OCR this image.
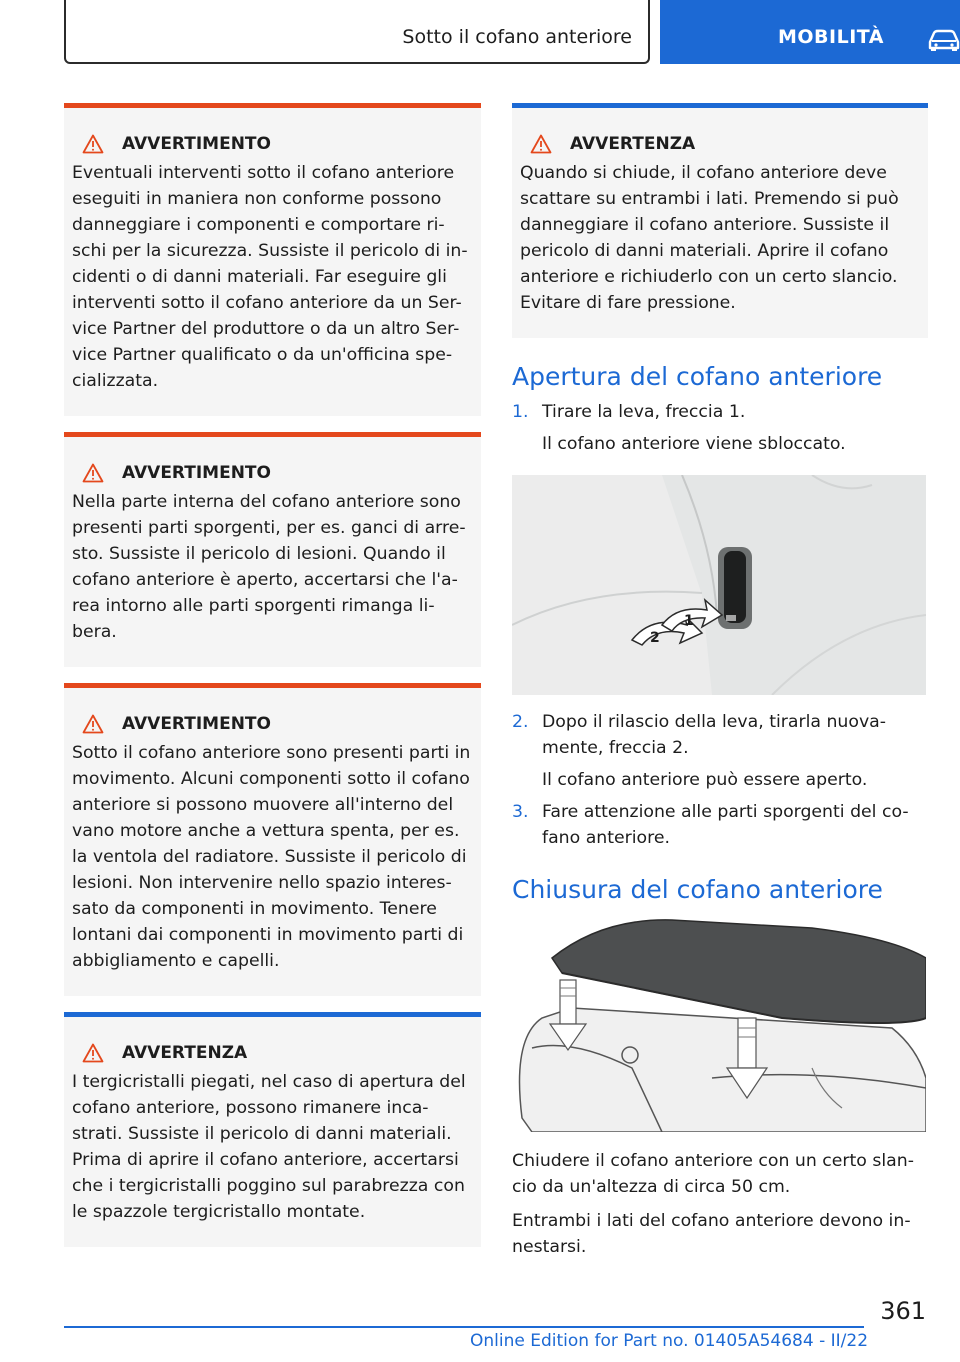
Sotto il cofano anteriore	MOBILITÀ
AVVERTIMENTO
Eventuali interventi sotto il cofano anteriore eseguiti in maniera non conforme possono danneggiare i componenti e comportare ri- schi per la sicurezza. Sussiste il pericolo di in- cidenti o di danni materiali. Far eseguire gli interventi sotto il cofano anteriore da un Ser- vice Partner del produttore o da un altro Ser- vice Partner qualificato o da un'officina spe- cializzata.
AVVERTIMENTO
Nella parte interna del cofano anteriore sono presenti parti sporgenti, per es. ganci di arre- sto. Sussiste il pericolo di lesioni. Quando il cofano anteriore è aperto, accertarsi che l'a- rea intorno alle parti sporgenti rimanga li- bera.
AVVERTIMENTO
Sotto il cofano anteriore sono presenti parti in movimento. Alcuni componenti sotto il cofano anteriore si possono muovere all'interno del vano motore anche a vettura spenta, per es. la ventola del radiatore. Sussiste il pericolo di lesioni. Non intervenire nello spazio interes- sato da componenti in movimento. Tenere lontani dai componenti in movimento parti di abbigliamento e capelli.
AVVERTENZA
I tergicristalli piegati, nel caso di apertura del cofano anteriore, possono rimanere inca- strati. Sussiste il pericolo di danni materiali. Prima di aprire il cofano anteriore, accertarsi che i tergicristalli poggino sul parabrezza con le spazzole tergicristallo montate.
AVVERTENZA
Quando si chiude, il cofano anteriore deve scattare su entrambi i lati. Premendo si può danneggiare il cofano anteriore. Sussiste il pericolo di danni materiali. Aprire il cofano anteriore e richiuderlo con un certo slancio. Evitare di fare pressione.
Apertura del cofano anteriore
1. Tirare la leva, freccia 1.
Il cofano anteriore viene sbloccato.
2
1
2. Dopo il rilascio della leva, tirarla nuova- mente, freccia 2.
Il cofano anteriore può essere aperto.
3. Fare attenzione alle parti sporgenti del co- fano anteriore.
Chiusura del cofano anteriore

Chiudere il cofano anteriore con un certo slan- cio da un'altezza di circa 50 cm.

Entrambi i lati del cofano anteriore devono in- nestarsi.

361
Online Edition for Part no. 01405A54684 - II/22
